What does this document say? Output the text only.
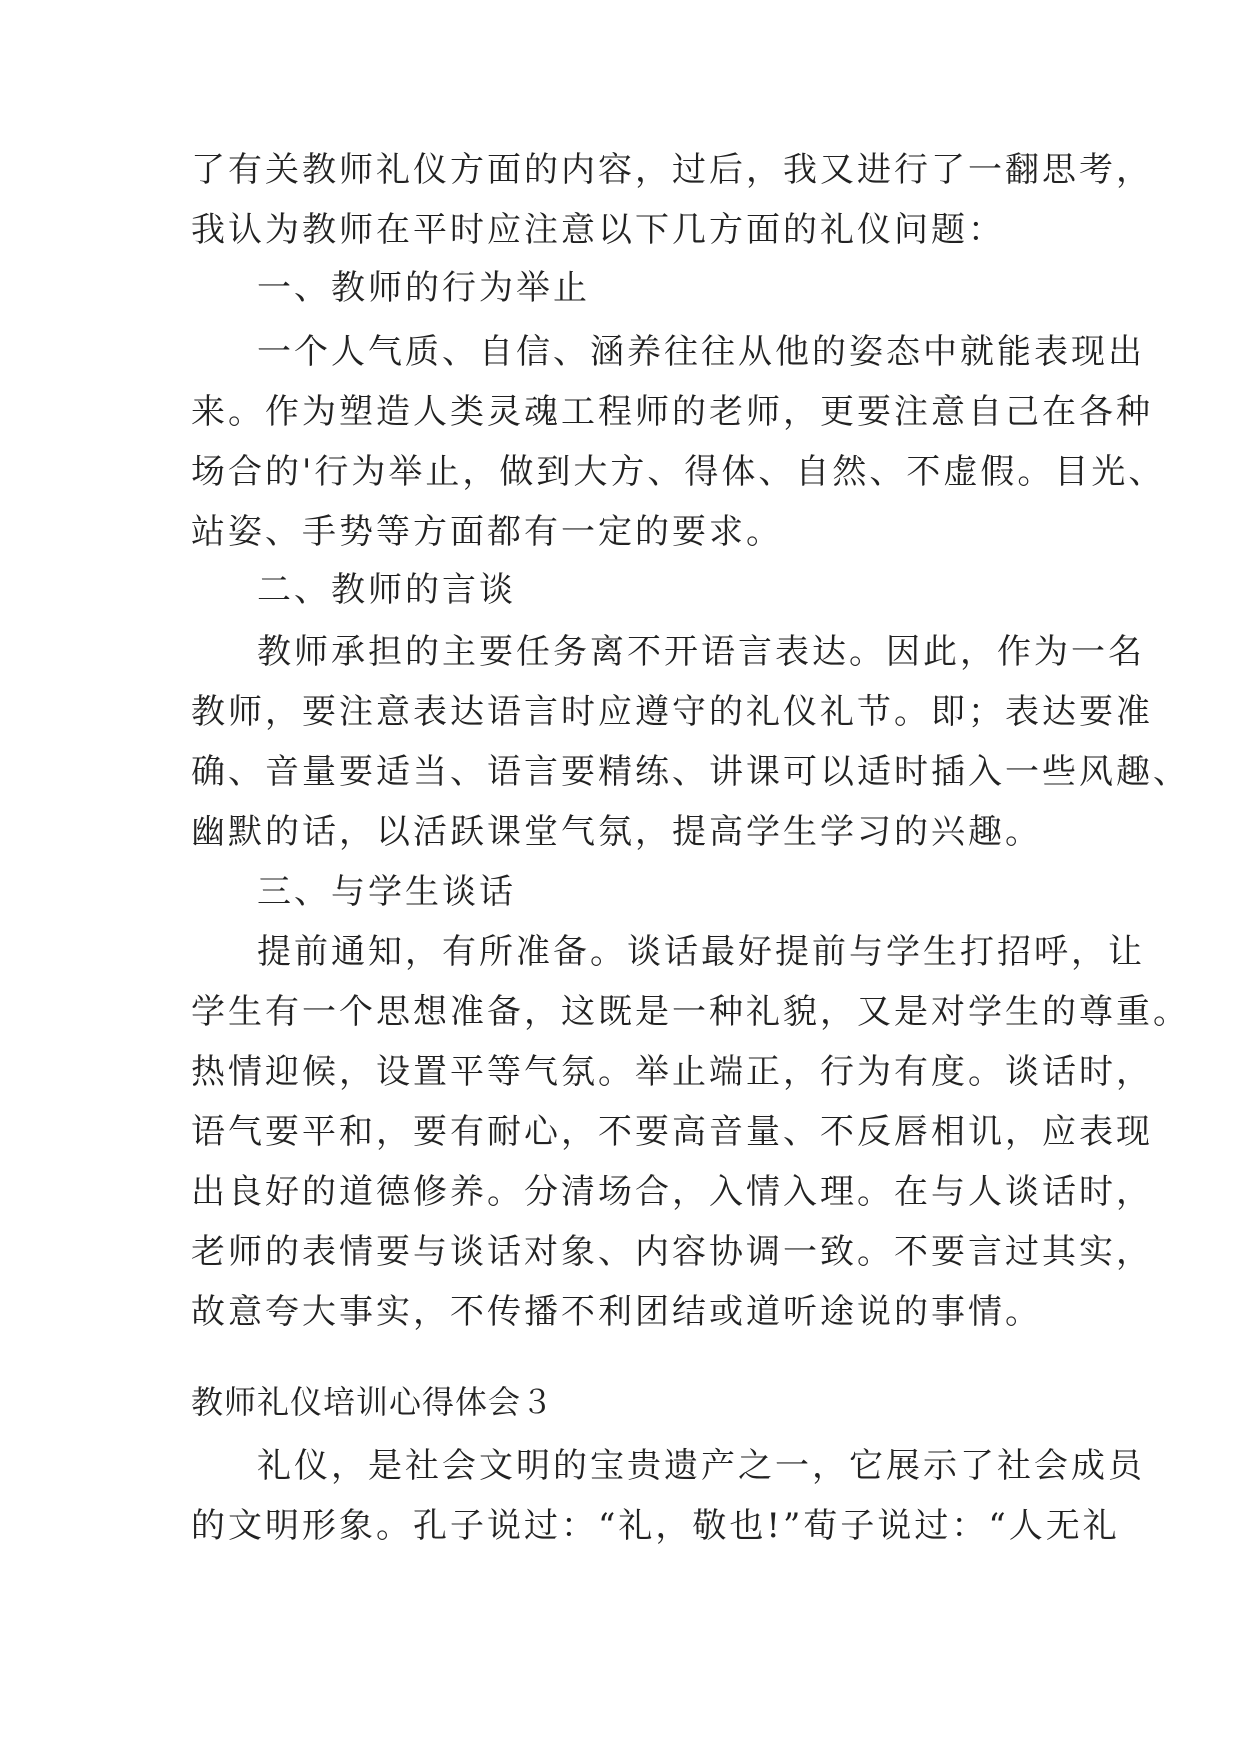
了有关教师礼仪方面的内容，过后，我又进行了一翻思考，
我认为教师在平时应注意以下几方面的礼仪问题：
一、教师的行为举止
一个人气质、自信、涵养往往从他的姿态中就能表现出
来。作为塑造人类灵魂工程师的老师，更要注意自己在各种
场合的'行为举止，做到大方、得体、自然、不虚假。目光、
站姿、手势等方面都有一定的要求。
二、教师的言谈
教师承担的主要任务离不开语言表达。因此，作为一名
教师，要注意表达语言时应遵守的礼仪礼节。即；表达要准
确、音量要适当、语言要精练、讲课可以适时插入一些风趣、
幽默的话，以活跃课堂气氛，提高学生学习的兴趣。
三、与学生谈话
提前通知，有所准备。谈话最好提前与学生打招呼，让
学生有一个思想准备，这既是一种礼貌，又是对学生的尊重。
热情迎候，设置平等气氛。举止端正，行为有度。谈话时，
语气要平和，要有耐心，不要高音量、不反唇相讥，应表现
出良好的道德修养。分清场合，入情入理。在与人谈话时，
老师的表情要与谈话对象、内容协调一致。不要言过其实，
故意夸大事实，不传播不利团结或道听途说的事情。
教师礼仪培训心得体会３
礼仪，是社会文明的宝贵遗产之一，它展示了社会成员
的文明形象。孔子说过：“礼，敬也!”荀子说过：“人无礼
